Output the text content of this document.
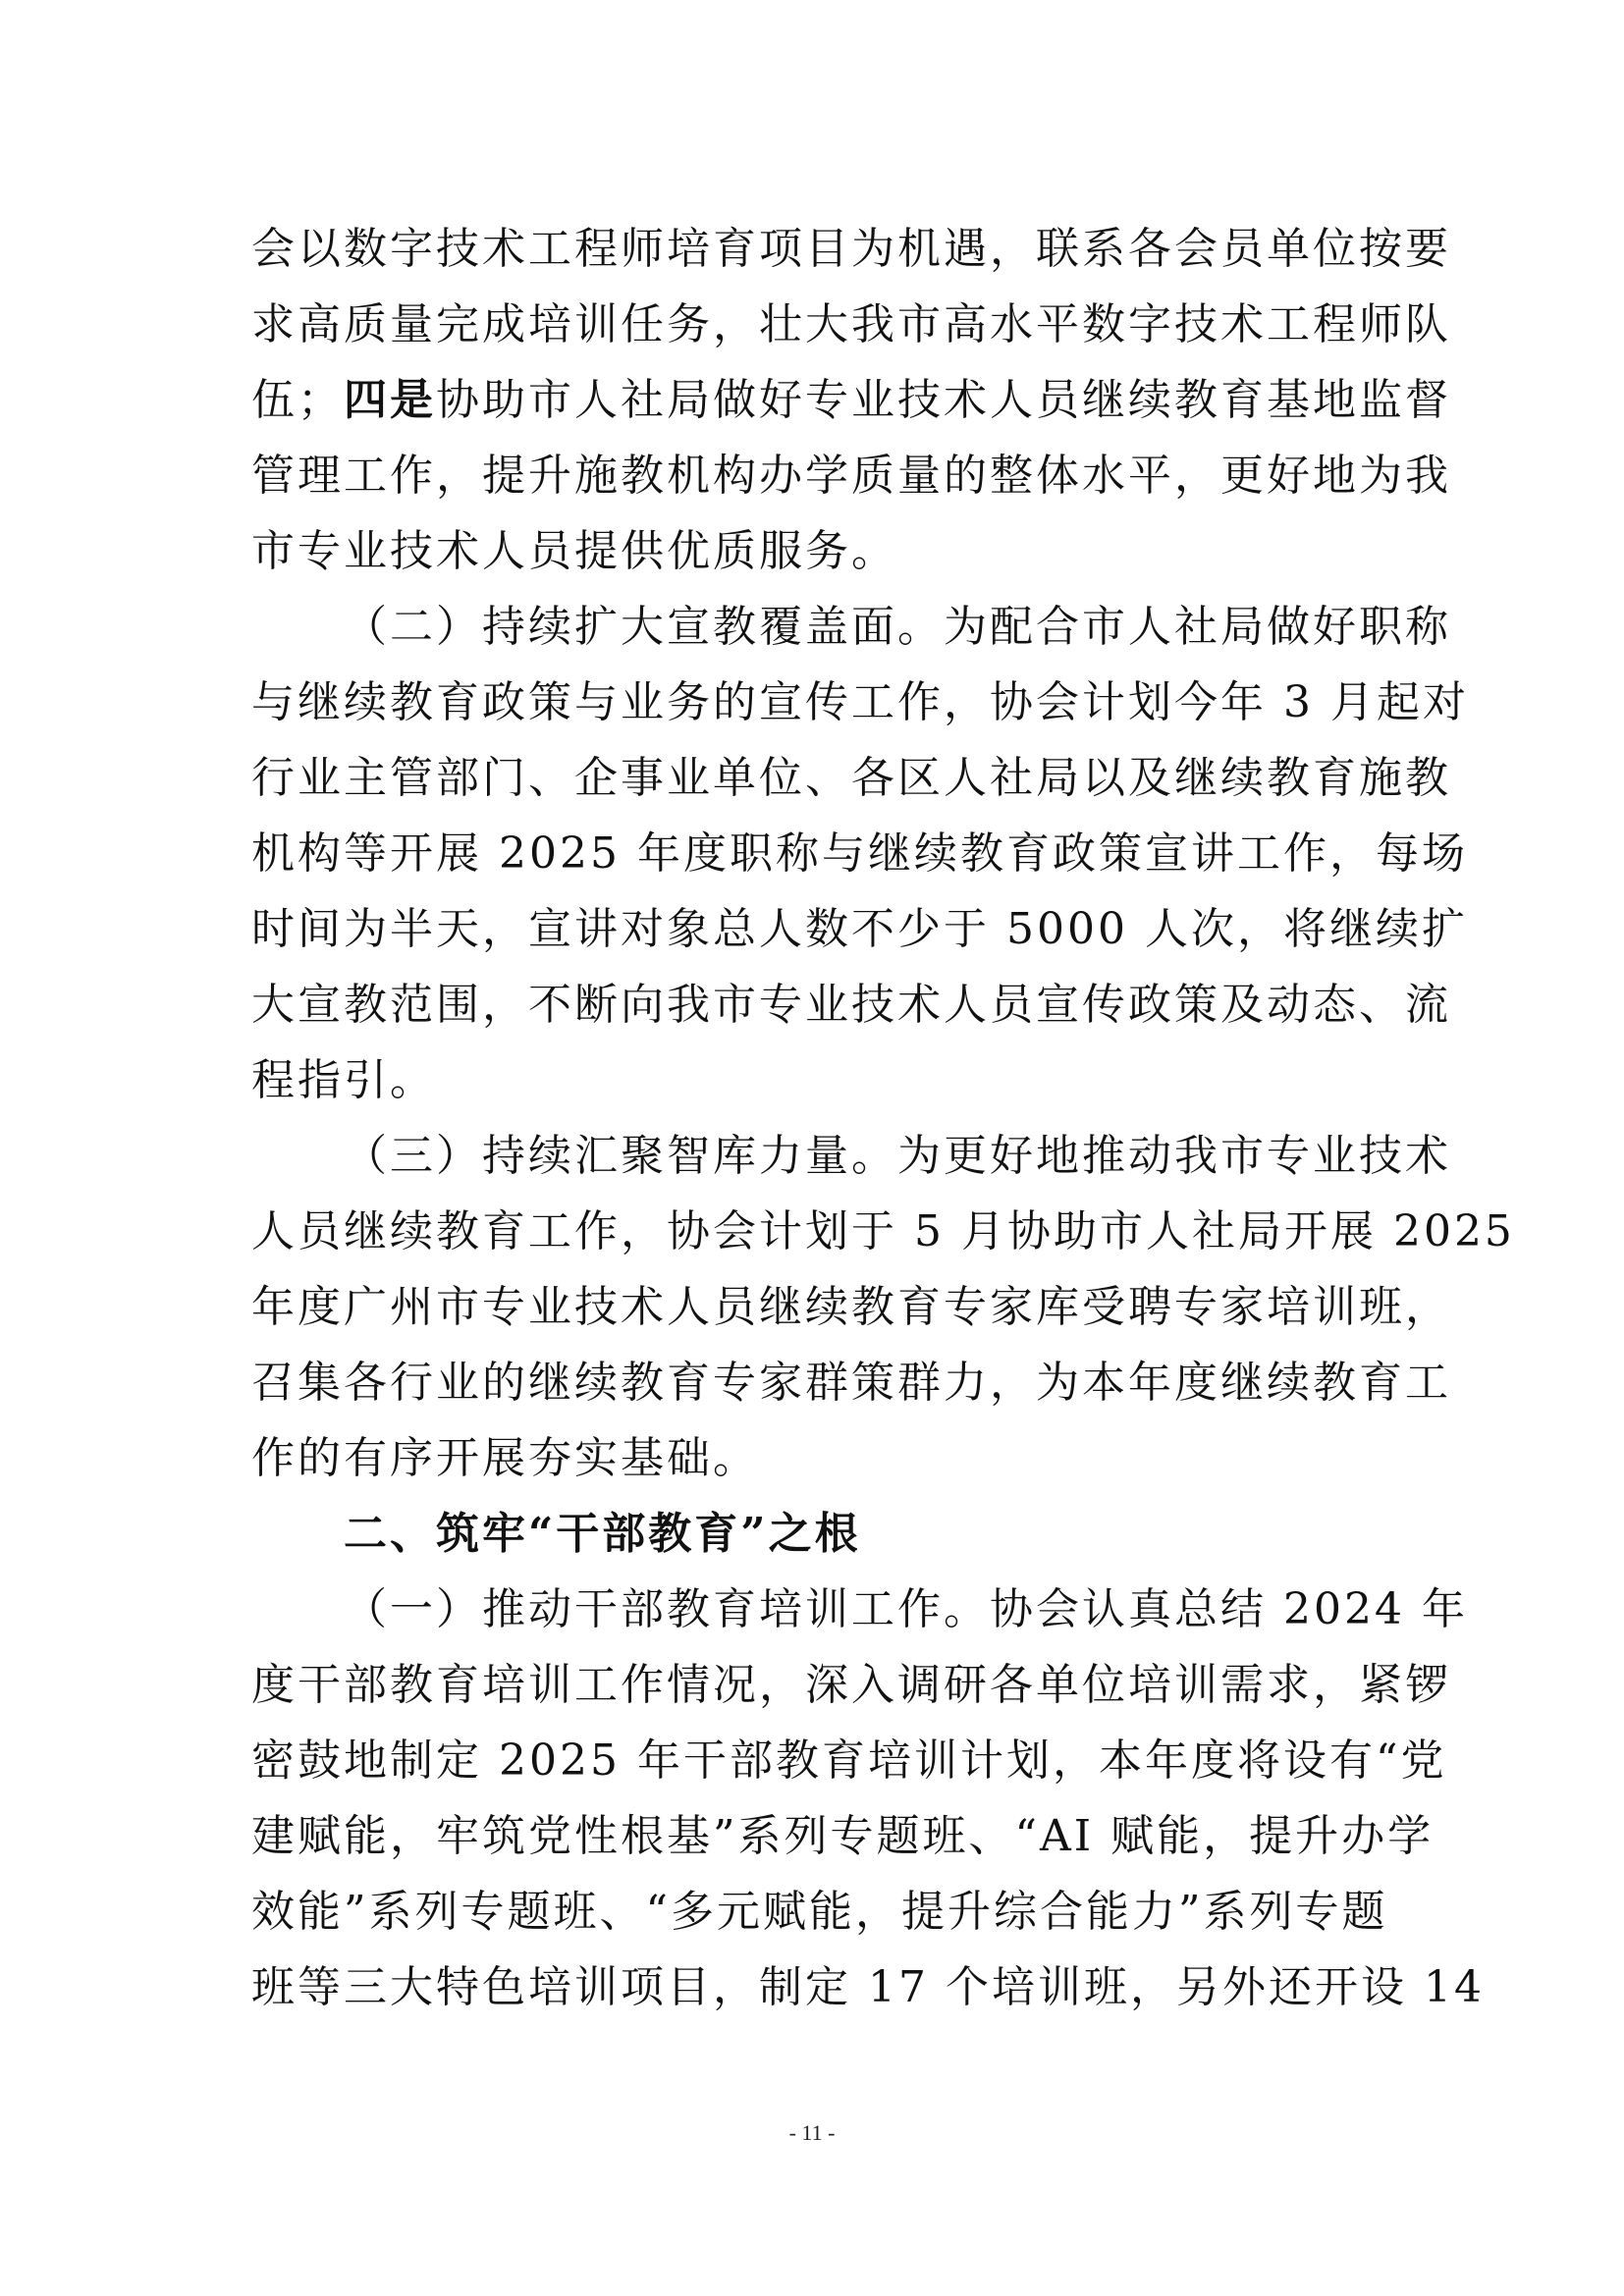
会以数字技术工程师培育项目为机遇，联系各会员单位按要
求高质量完成培训任务，壮大我市高水平数字技术工程师队
伍；四是协助市人社局做好专业技术人员继续教育基地监督
管理工作，提升施教机构办学质量的整体水平，更好地为我
市专业技术人员提供优质服务。
（二）持续扩大宣教覆盖面。为配合市人社局做好职称
与继续教育政策与业务的宣传工作，协会计划今年 3 月起对
行业主管部门、企事业单位、各区人社局以及继续教育施教
机构等开展 2025 年度职称与继续教育政策宣讲工作，每场
时间为半天，宣讲对象总人数不少于 5000 人次，将继续扩
大宣教范围，不断向我市专业技术人员宣传政策及动态、流
程指引。
（三）持续汇聚智库力量。为更好地推动我市专业技术
人员继续教育工作，协会计划于 5 月协助市人社局开展 2025
年度广州市专业技术人员继续教育专家库受聘专家培训班，
召集各行业的继续教育专家群策群力，为本年度继续教育工
作的有序开展夯实基础。
二、筑牢“干部教育”之根
（一）推动干部教育培训工作。协会认真总结 2024 年
度干部教育培训工作情况，深入调研各单位培训需求，紧锣
密鼓地制定 2025 年干部教育培训计划，本年度将设有“党
建赋能，牢筑党性根基”系列专题班、“AI 赋能，提升办学
效能”系列专题班、“多元赋能，提升综合能力”系列专题
班等三大特色培训项目，制定 17 个培训班，另外还开设 14
- 11 -
